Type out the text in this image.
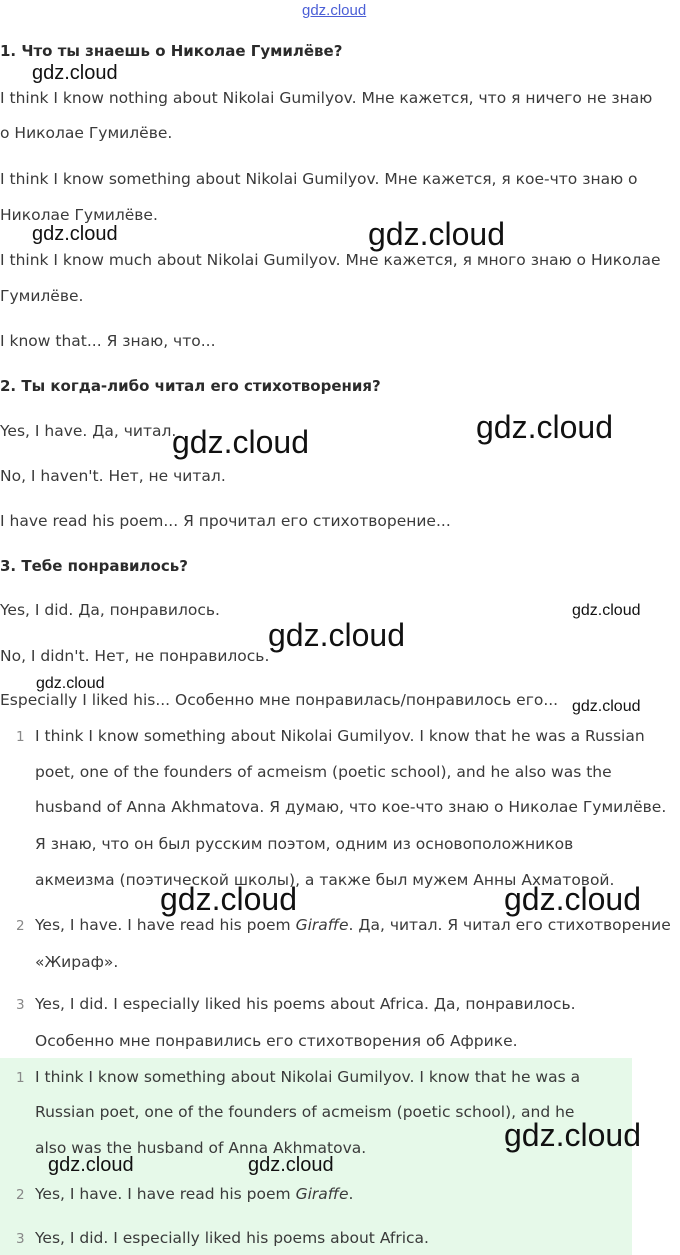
gdz.cloud
1. Что ты знаешь о Николае Гумилёве?
I think I know nothing about Nikolai Gumilyov. Мне кажется, что я ничего не знаю
о Николае Гумилёве.
I think I know something about Nikolai Gumilyov. Мне кажется, я кое-что знаю о
Николае Гумилёве.
I think I know much about Nikolai Gumilyov. Мне кажется, я много знаю о Николае
Гумилёве.
I know that... Я знаю, что...
2. Ты когда-либо читал его стихотворения?
Yes, I have. Да, читал.
No, I haven't. Нет, не читал.
I have read his poem... Я прочитал его стихотворение...
3. Тебе понравилось?
Yes, I did. Да, понравилось.
No, I didn't. Нет, не понравилось.
Especially I liked his... Особенно мне понравилась/понравилось его...
1 I think I know something about Nikolai Gumilyov. I know that he was a Russian
poet, one of the founders of acmeism (poetic school), and he also was the
husband of Anna Akhmatova. Я думаю, что кое-что знаю о Николае Гумилёве.
Я знаю, что он был русским поэтом, одним из основоположников
акмеизма (поэтической школы), а также был мужем Анны Ахматовой.
2 Yes, I have. I have read his poem Giraffe. Да, читал. Я читал его стихотворение
«Жираф».
3 Yes, I did. I especially liked his poems about Africa. Да, понравилось.
Особенно мне понравились его стихотворения об Африке.
1 I think I know something about Nikolai Gumilyov. I know that he was a
Russian poet, one of the founders of acmeism (poetic school), and he
also was the husband of Anna Akhmatova.
2 Yes, I have. I have read his poem Giraffe.
3 Yes, I did. I especially liked his poems about Africa.
gdz.cloud
gdz.cloud	gdz.cloud
gdz.cloud	gdz.cloud
gdz.cloud
gdz.cloud
gdz.cloud
gdz.cloud
gdz.cloud	gdz.cloud
gdz.cloud
gdz.cloud	gdz.cloud
